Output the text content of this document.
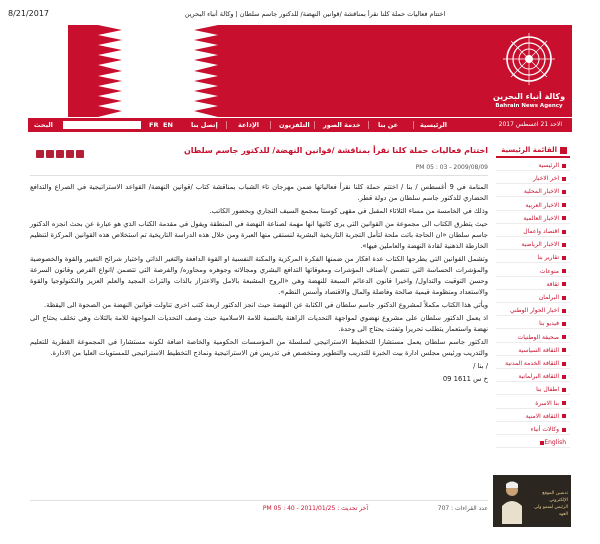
8/21/2017	اختتام فعاليات حملة كلنا نقرأ بمناقشة /قوانين النهضة/ للدكتور جاسم سلطان | وكالة أنباء البحرين
وكالة أنباء البحرين
Bahrain News Agency
الاحد 21 اغسطس 2017
الرئيسية
عن بنا
خدمة الصور
التلفزيون
الإذاعة
إتصل بنا
EN
FR
البحث
القائمة الرئيسية
الرئيسية
اخر الاخبار
الاخبار المحلية
الاخبار العربية
الاخبار العالمية
اقتصاد واعمال
الاخبار الرياضية
تقارير بنا
منوعات
ثقافة
البرلمان
اخبار الحوار الوطني
فيديو بنا
صحيفة الوطنيات
الثقافة السياسية
الثقافة الخدمة المدنية
الثقافة البرلمانية
اطفال بنا
بنا الاسرة
الثقافة الامنية
وكالات أنباء
English
تدشين الموقع الإلكتروني
الرئيس لسمو ولي العهد
اختتام فعاليات حملة كلنا نقرأ بمناقشة /قوانين النهضة/ للدكتور جاسم سلطان
PM 05 : 03 - 2009/08/09

المنامة في 9 أغسطس / بنا / اختتم حملة كلنا نقرأ فعالياتها ضمن مهرجان تاء الشباب بمناقشة كتاب /قوانين النهضة/ القواعد الاستراتيجية في الصراع والتدافع الحضاري للدكتور جاسم سلطان من دولة قطر.

وذلك في الخامسة من مساء الثلاثاء المقبل في مقهى كوستا بمجمع السيف التجاري وبحضور الكاتب.

حيث يتطرق الكتاب الى مجموعة من القوانين التي يرى كاتبها انها مهمة لصناعة النهضة في المنطقة ويقول في مقدمة الكتاب الذي هو عبارة عن بحث انجزه الدكتور جاسم سلطان «ان الحاجة باتت ملحة لتأمل التجربة التاريخية البشرية لنستقي منها العبرة ومن خلال هذه الدراسة التاريخية تم استخلاص هذه القوانين المركزة لتنظيم الخارطة الذهنية لقادة النهضة والعاملين فيها».

وتشمل القوانين التي يطرحها الكتاب عدة افكار من ضمنها الفكرة المركزية والمكنة النفسية او القوة الدافعة والتغير الذاتي واختيار شرائح التغيير والقوة والخصوصية والمؤشرات الحساسة التي تتضمن /أصناف المؤشرات ومعوقاتها التدافع البشري ومجالاته وجوهره ومحاوره/ والفرصة التي تتضمن /انواع الفرص وقانون السرعة وحسن التوقيت والتداول/ واخيرا قانون الدعائم السبعة للنهضة وهي «الروح المشبعة بالامل والاعتزاز بالذات والتراث المجيد والعلم العزيز والتكنولوجيا والقوة والاستعداد ومنظومة قيمية صالحة وفاضلة والمال والاقتصاد وأسس النظم».

ويأتي هذا الكتاب مكملاً لمشروع الدكتور جاسم سلطان في الكتابة عن النهضة حيث انجز الدكتور اربعة كتب اخرى تناولت قوانين النهضة من الصحوة الى اليقظة.

اذ يعمل الدكتور سلطان على مشروع نهضوي لمواجهة التحديات الراهنة بالنسبة للامة الاسلامية حيث وصف التحديات المواجهة للامة بالثلاث وهي تخلف يحتاج الى نهضة واستعمار يتطلب تحريرا وتفتت يحتاج الى وحدة.

الدكتور جاسم سلطان يعمل مستشارا للتخطيط الاستراتيجي لسلسلة من المؤسسات الحكومية والخاصة اضافة لكونه مستشارا في المجموعة القطرية للتعليم والتدريب ورئيس مجلس ادارة بيت الخبرة للتدريب والتطوير ومتخصص في تدريس فن الاستراتيجية ونماذج التخطيط الاستراتيجي للمستويات العليا من الادارة.

/ بنا /

خ س 1611 09

عدد القراءات : 707
PM 05 : 40 - 2011/01/25 : آخر تحديث
